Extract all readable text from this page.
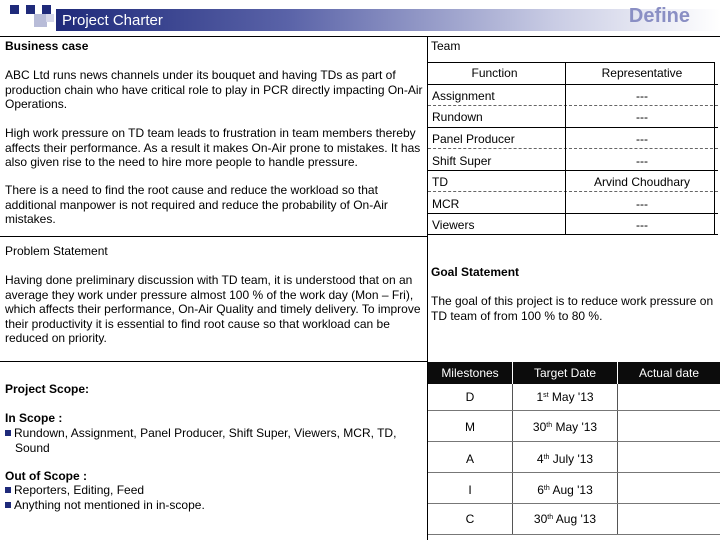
Project Charter	Define
Business case
ABC Ltd runs news channels under its bouquet and having TDs as part of production chain who have critical role to play in PCR directly impacting On-Air Operations.
High work pressure on TD team leads to frustration in team members thereby affects their performance. As a result it makes On-Air prone to mistakes. It has also given rise to the need to hire more people to handle pressure.
There is a need to find the root cause and reduce the workload so that additional manpower is not required and reduce the probability of On-Air mistakes.
Team
Function	Representative
Assignment	---
Rundown	---
Panel Producer	---
Shift Super	---
TD	Arvind Choudhary
MCR	---
Viewers	---
Problem Statement
Having done preliminary discussion with TD team, it is understood that on an average they work under pressure almost 100 % of the work day (Mon – Fri), which affects their performance, On-Air Quality and timely delivery. To improve their productivity it is essential to find root cause so that workload can be reduced on priority.
Goal Statement
The goal of this project is to reduce work pressure on TD team of from 100 % to 80 %.
Project Scope:
In Scope :
Rundown, Assignment, Panel Producer, Shift Super, Viewers, MCR, TD, Sound
Out of Scope :
Reporters, Editing, Feed
Anything not mentioned in in-scope.
Milestones	Target Date	Actual date
D	1st May '13
M	30th May '13
A	4th July '13
I	6th Aug '13
C	30th Aug '13
